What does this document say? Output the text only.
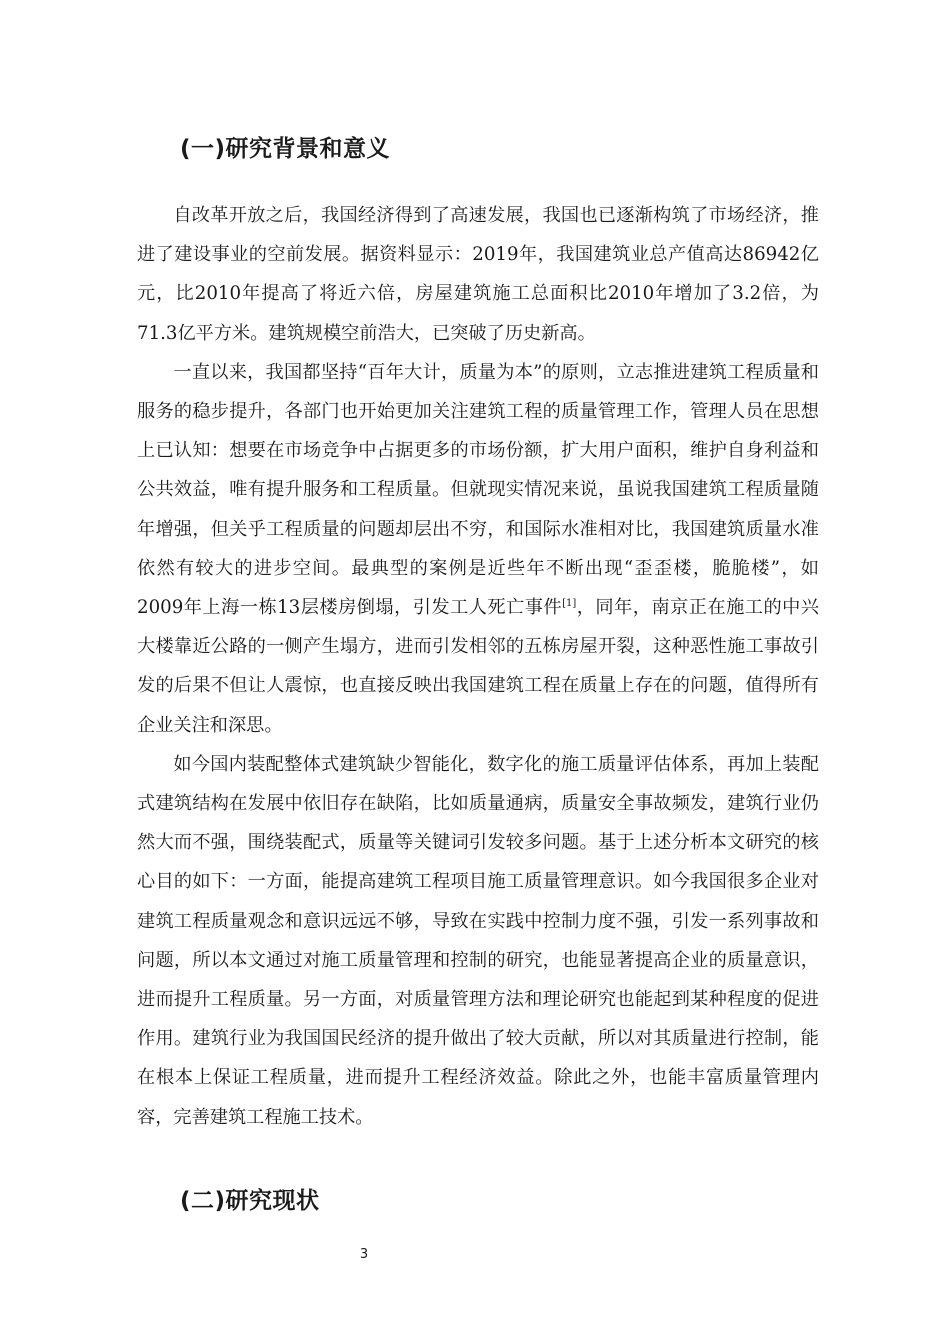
(一)研究背景和意义

自改革开放之后，我国经济得到了高速发展，我国也已逐渐构筑了市场经济，推进了建设事业的空前发展。据资料显示：2019年，我国建筑业总产值高达86942亿元，比2010年提高了将近六倍，房屋建筑施工总面积比2010年增加了3.2倍，为71.3亿平方米。建筑规模空前浩大，已突破了历史新高。

一直以来，我国都坚持“百年大计，质量为本”的原则，立志推进建筑工程质量和服务的稳步提升，各部门也开始更加关注建筑工程的质量管理工作，管理人员在思想上已认知：想要在市场竞争中占据更多的市场份额，扩大用户面积，维护自身利益和公共效益，唯有提升服务和工程质量。但就现实情况来说，虽说我国建筑工程质量随年增强，但关乎工程质量的问题却层出不穷，和国际水准相对比，我国建筑质量水准依然有较大的进步空间。最典型的案例是近些年不断出现“歪歪楼，脆脆楼”，如2009年上海一栋13层楼房倒塌，引发工人死亡事件[1]，同年，南京正在施工的中兴大楼靠近公路的一侧产生塌方，进而引发相邻的五栋房屋开裂，这种恶性施工事故引发的后果不但让人震惊，也直接反映出我国建筑工程在质量上存在的问题，值得所有企业关注和深思。

如今国内装配整体式建筑缺少智能化，数字化的施工质量评估体系，再加上装配式建筑结构在发展中依旧存在缺陷，比如质量通病，质量安全事故频发，建筑行业仍然大而不强，围绕装配式，质量等关键词引发较多问题。基于上述分析本文研究的核心目的如下：一方面，能提高建筑工程项目施工质量管理意识。如今我国很多企业对建筑工程质量观念和意识远远不够，导致在实践中控制力度不强，引发一系列事故和问题，所以本文通过对施工质量管理和控制的研究，也能显著提高企业的质量意识，进而提升工程质量。另一方面，对质量管理方法和理论研究也能起到某种程度的促进作用。建筑行业为我国国民经济的提升做出了较大贡献，所以对其质量进行控制，能在根本上保证工程质量，进而提升工程经济效益。除此之外，也能丰富质量管理内容，完善建筑工程施工技术。

(二)研究现状
3
